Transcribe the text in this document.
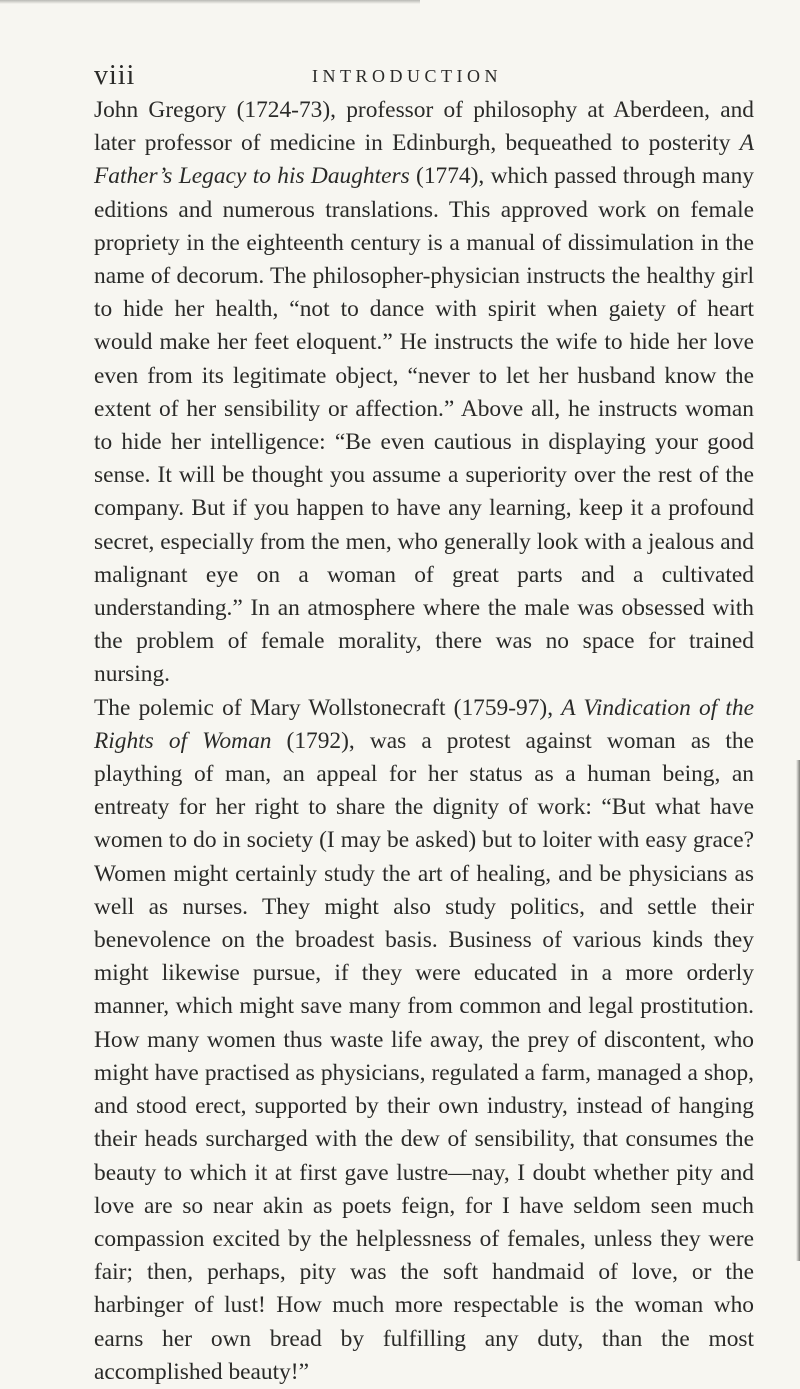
viii	INTRODUCTION

John Gregory (1724-73), professor of philosophy at Aberdeen, and later professor of medicine in Edinburgh, bequeathed to posterity A Father’s Legacy to his Daughters (1774), which passed through many editions and numerous translations. This approved work on female propriety in the eighteenth century is a manual of dissimulation in the name of decorum. The philosopher-physician instructs the healthy girl to hide her health, “not to dance with spirit when gaiety of heart would make her feet eloquent.” He instructs the wife to hide her love even from its legitimate object, “never to let her husband know the extent of her sensibility or affection.” Above all, he instructs woman to hide her intelligence: “Be even cautious in displaying your good sense. It will be thought you assume a superiority over the rest of the company. But if you happen to have any learning, keep it a profound secret, especially from the men, who generally look with a jealous and malignant eye on a woman of great parts and a cultivated understanding.” In an atmosphere where the male was obsessed with the problem of female morality, there was no space for trained nursing.

The polemic of Mary Wollstonecraft (1759-97), A Vindication of the Rights of Woman (1792), was a protest against woman as the plaything of man, an appeal for her status as a human being, an entreaty for her right to share the dignity of work: “But what have women to do in society (I may be asked) but to loiter with easy grace? Women might certainly study the art of healing, and be physicians as well as nurses. They might also study politics, and settle their benevolence on the broadest basis. Business of various kinds they might likewise pursue, if they were educated in a more orderly manner, which might save many from common and legal prostitution. How many women thus waste life away, the prey of discontent, who might have practised as physicians, regulated a farm, managed a shop, and stood erect, supported by their own industry, instead of hanging their heads surcharged with the dew of sensibility, that consumes the beauty to which it at first gave lustre—nay, I doubt whether pity and love are so near akin as poets feign, for I have seldom seen much compassion excited by the helplessness of females, unless they were fair; then, perhaps, pity was the soft handmaid of love, or the harbinger of lust! How much more respectable is the woman who earns her own bread by fulfilling any duty, than the most accomplished beauty!”
